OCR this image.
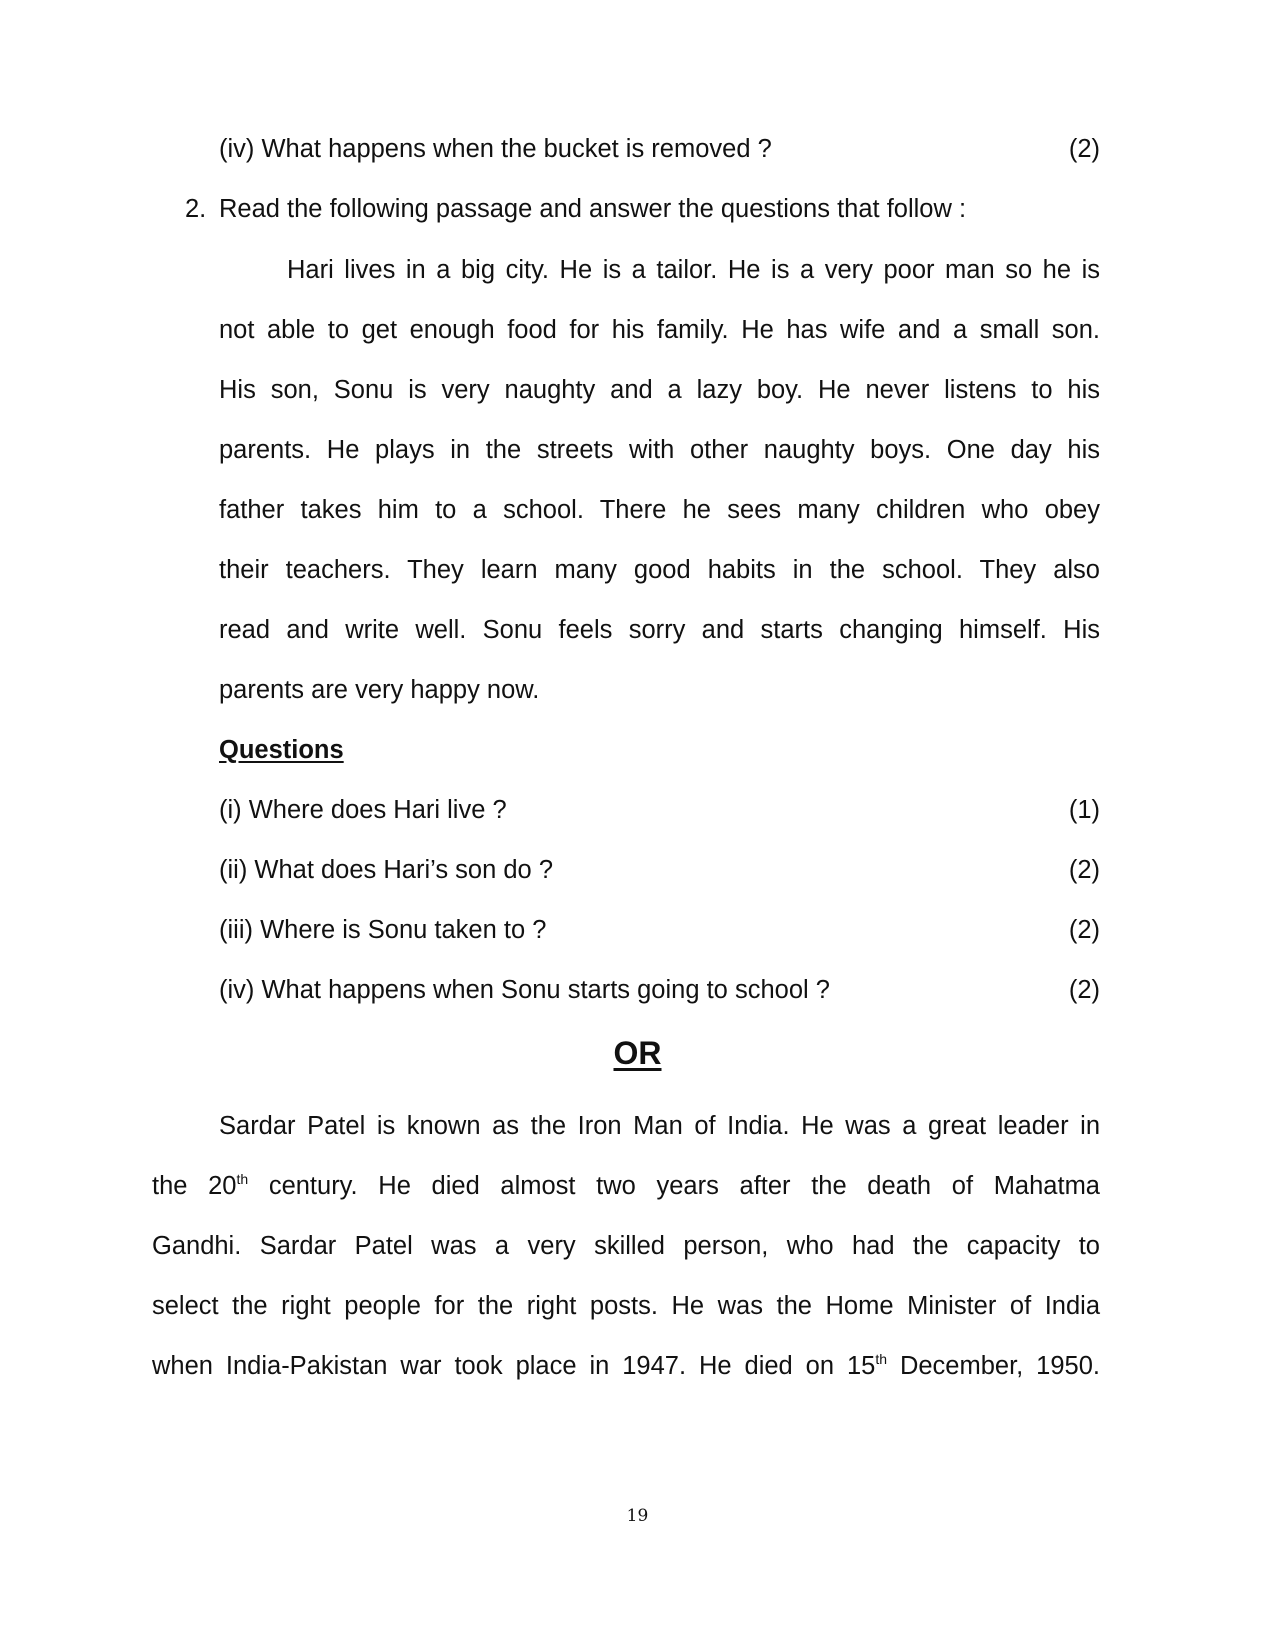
(iv) What happens when the bucket is removed ?	(2)
2. Read the following passage and answer the questions that follow :
Hari lives in a big city. He is a tailor. He is a very poor man so he is
not able to get enough food for his family. He has wife and a small son.
His son, Sonu is very naughty and a lazy boy. He never listens to his
parents. He plays in the streets with other naughty boys. One day his
father takes him to a school. There he sees many children who obey
their teachers. They learn many good habits in the school. They also
read and write well. Sonu feels sorry and starts changing himself. His
parents are very happy now.
Questions
(i) Where does Hari live ?	(1)
(ii) What does Hari’s son do ?	(2)
(iii) Where is Sonu taken to ?	(2)
(iv) What happens when Sonu starts going to school ?	(2)
OR
Sardar Patel is known as the Iron Man of India. He was a great leader in
the 20th century. He died almost two years after the death of Mahatma
Gandhi. Sardar Patel was a very skilled person, who had the capacity to
select the right people for the right posts. He was the Home Minister of India
when India-Pakistan war took place in 1947. He died on 15th December, 1950.
19
